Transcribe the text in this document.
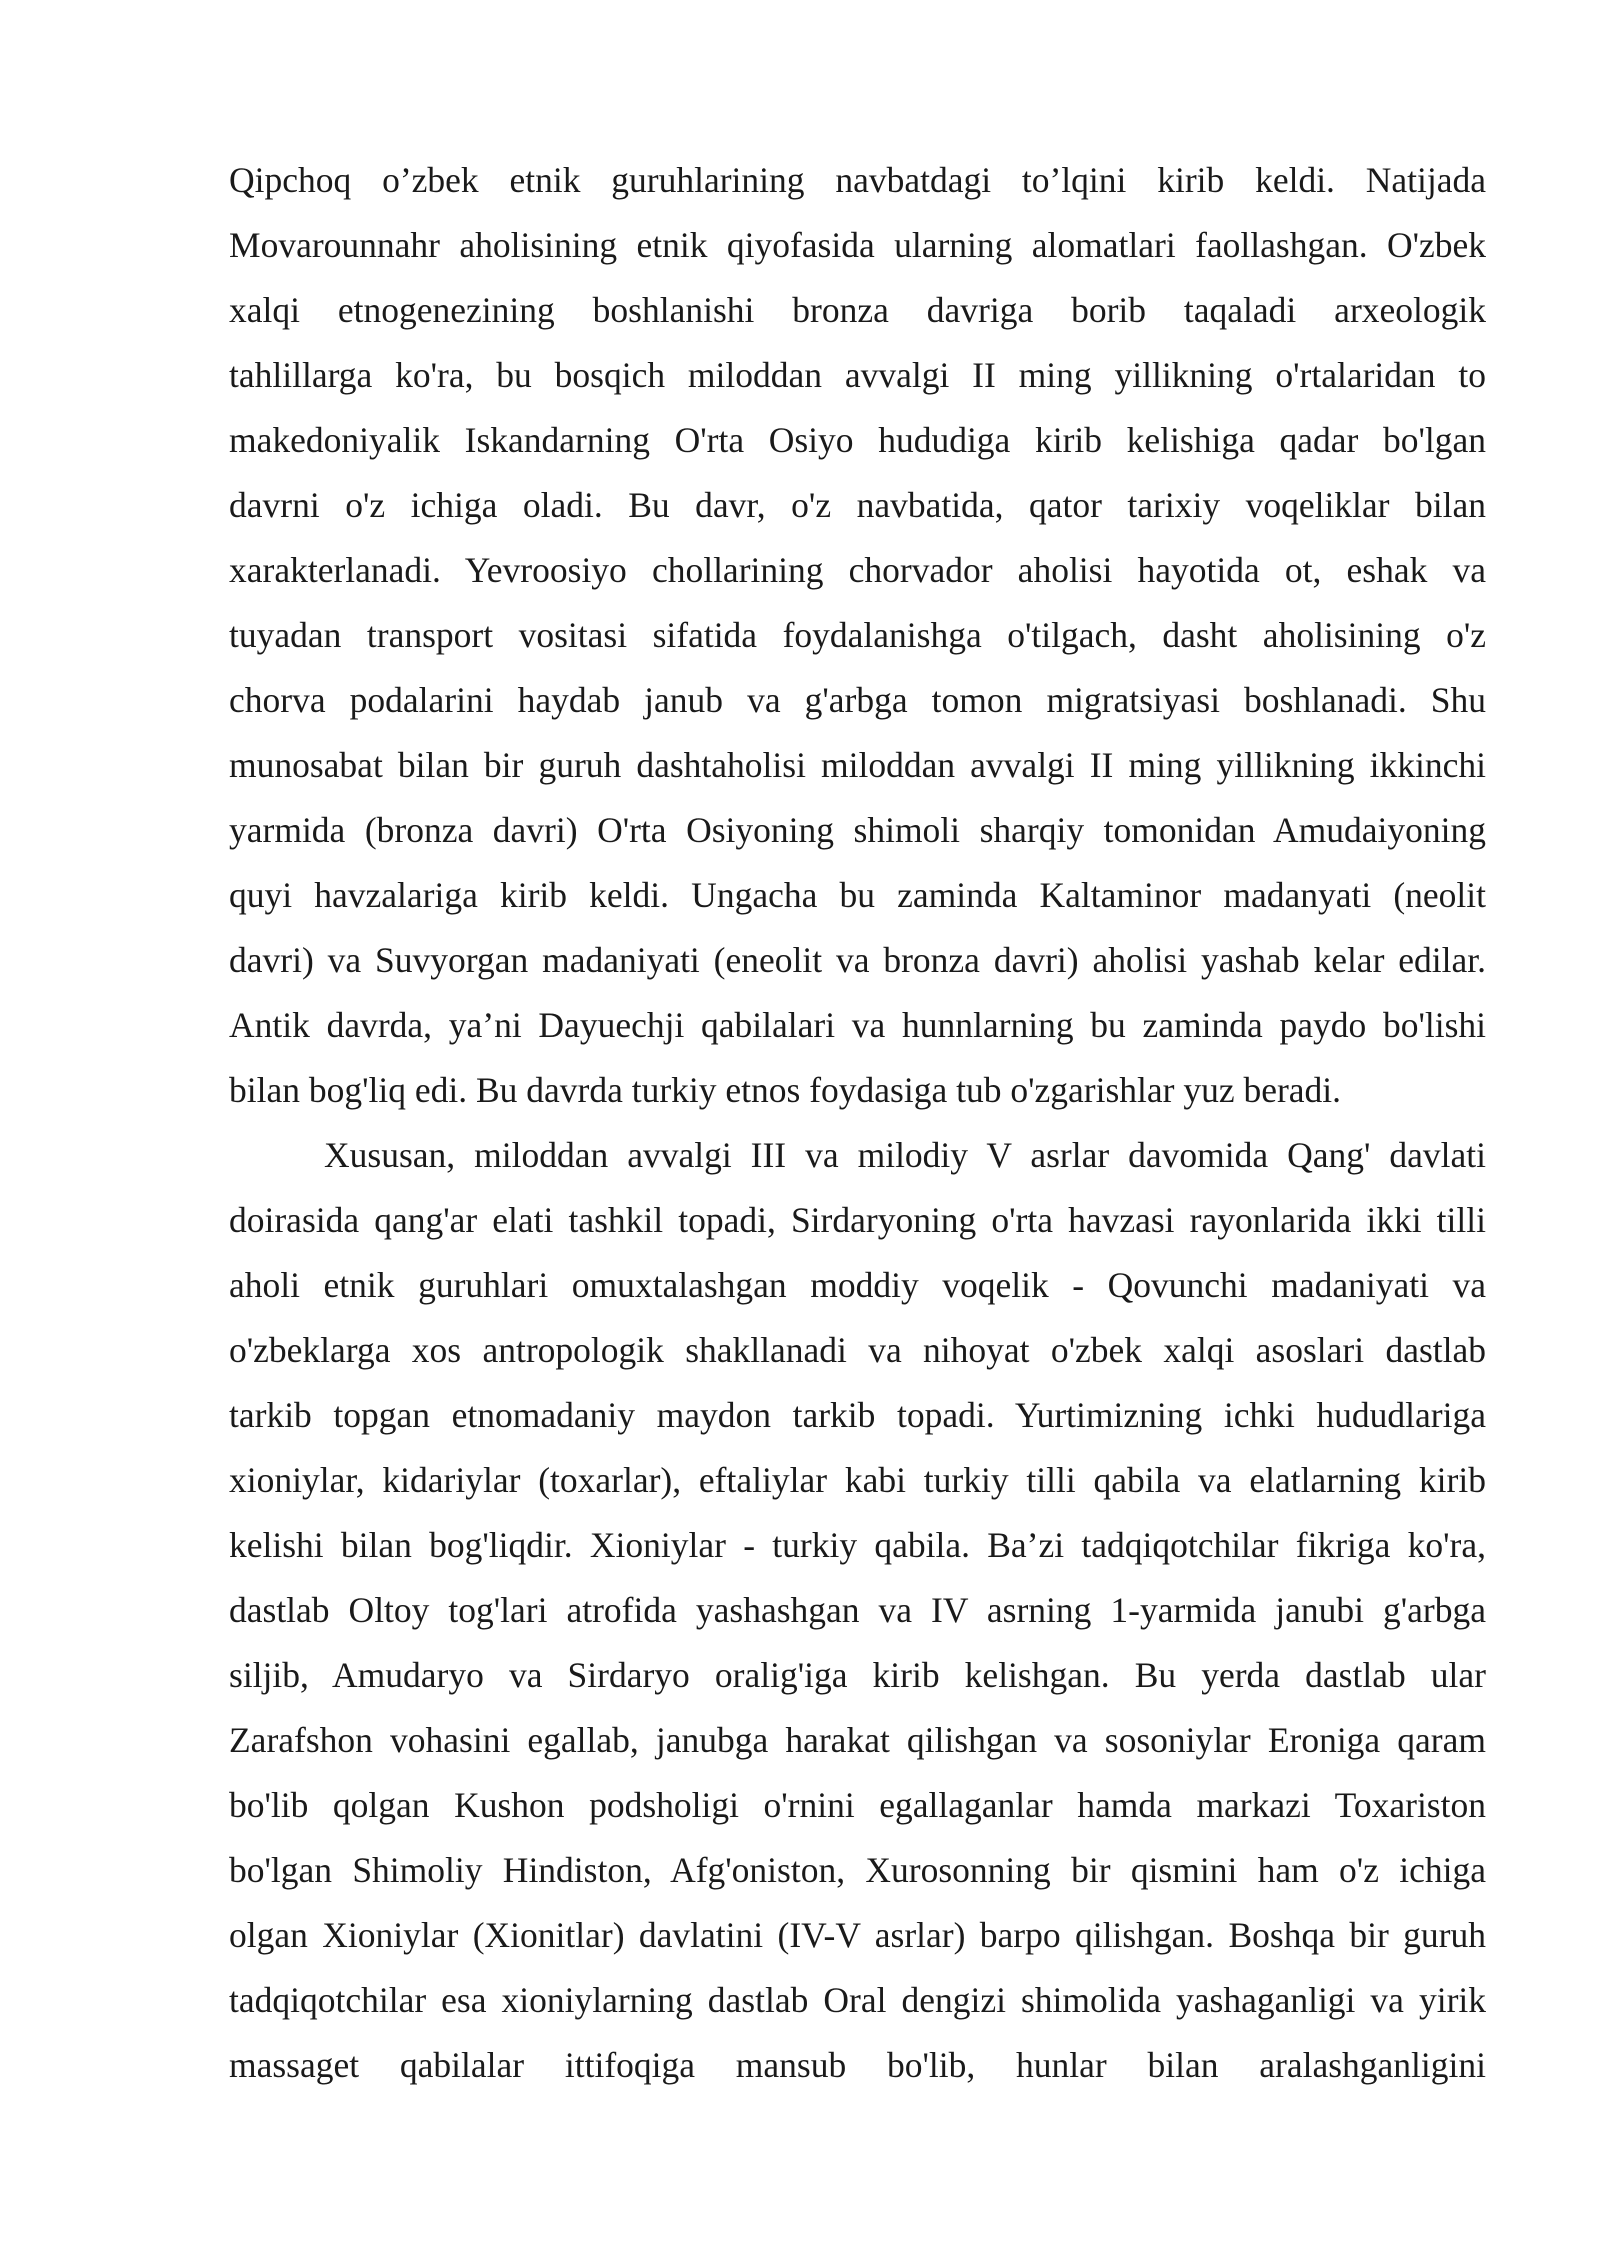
Qipchoq o’zbek etnik guruhlarining navbatdagi to’lqini kirib keldi. Natijada
Movarounnahr aholisining etnik qiyofasida ularning alomatlari faollashgan. O'zbek
xalqi etnogenezining boshlanishi bronza davriga borib taqaladi arxeologik
tahlillarga ko'ra, bu bosqich miloddan avvalgi II ming yillikning o'rtalaridan to
makedoniyalik Iskandarning O'rta Osiyo hududiga kirib kelishiga qadar bo'lgan
davrni o'z ichiga oladi. Bu davr, o'z navbatida, qator tarixiy voqeliklar bilan
xarakterlanadi. Yevroosiyo chollarining chorvador aholisi hayotida ot, eshak va
tuyadan transport vositasi sifatida foydalanishga o'tilgach, dasht aholisining o'z
chorva podalarini haydab janub va g'arbga tomon migratsiyasi boshlanadi. Shu
munosabat bilan bir guruh dashtaholisi miloddan avvalgi II ming yillikning ikkinchi
yarmida (bronza davri) O'rta Osiyoning shimoli sharqiy tomonidan Amudaiyoning
quyi havzalariga kirib keldi. Ungacha bu zaminda Kaltaminor madanyati (neolit
davri) va Suvyorgan madaniyati (eneolit va bronza davri) aholisi yashab kelar edilar.
Antik davrda, ya’ni Dayuechji qabilalari va hunnlarning bu zaminda paydo bo'lishi
bilan bog'liq edi. Bu davrda turkiy etnos foydasiga tub o'zgarishlar yuz beradi.

Xususan, miloddan avvalgi III va milodiy V asrlar davomida Qang' davlati
doirasida qang'ar elati tashkil topadi, Sirdaryoning o'rta havzasi rayonlarida ikki tilli
aholi etnik guruhlari omuxtalashgan moddiy voqelik - Qovunchi madaniyati va
o'zbeklarga xos antropologik shakllanadi va nihoyat o'zbek xalqi asoslari dastlab
tarkib topgan etnomadaniy maydon tarkib topadi. Yurtimizning ichki hududlariga
xioniylar, kidariylar (toxarlar), eftaliylar kabi turkiy tilli qabila va elatlarning kirib
kelishi bilan bog'liqdir. Xioniylar - turkiy qabila. Ba’zi tadqiqotchilar fikriga ko'ra,
dastlab Oltoy tog'lari atrofida yashashgan va IV asrning 1-yarmida janubi g'arbga
siljib, Amudaryo va Sirdaryo oralig'iga kirib kelishgan. Bu yerda dastlab ular
Zarafshon vohasini egallab, janubga harakat qilishgan va sosoniylar Eroniga qaram
bo'lib qolgan Kushon podsholigi o'rnini egallaganlar hamda markazi Toxariston
bo'lgan Shimoliy Hindiston, Afg'oniston, Xurosonning bir qismini ham o'z ichiga
olgan Xioniylar (Xionitlar) davlatini (IV-V asrlar) barpo qilishgan. Boshqa bir guruh
tadqiqotchilar esa xioniylarning dastlab Oral dengizi shimolida yashaganligi va yirik
massaget qabilalar ittifoqiga mansub bo'lib, hunlar bilan aralashganligini
